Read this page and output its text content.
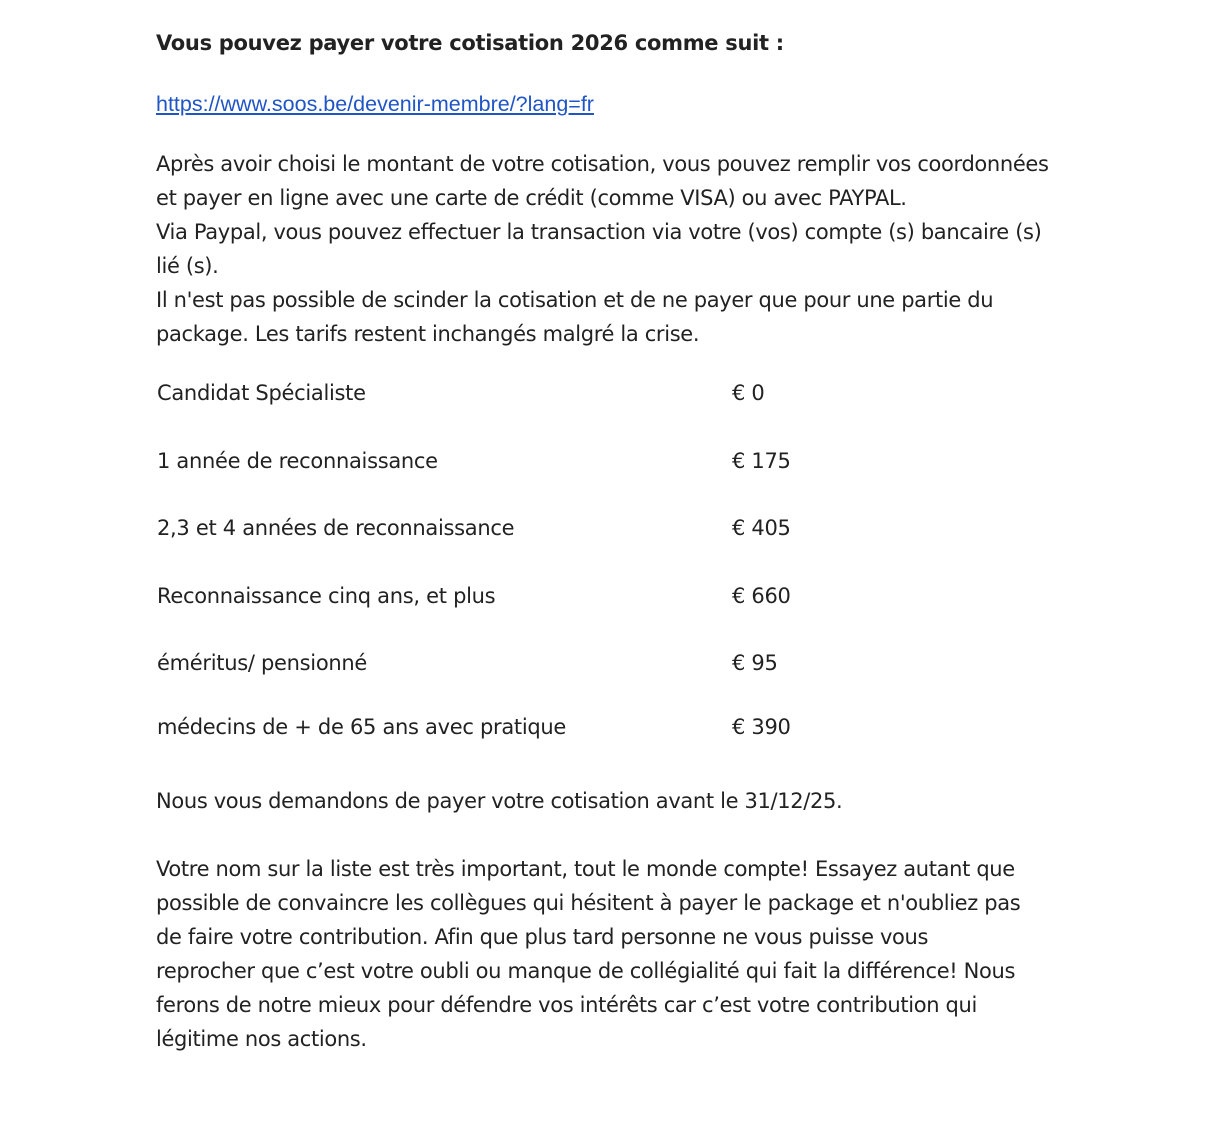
Vous pouvez payer votre cotisation 2026 comme suit :

https://www.soos.be/devenir-membre/?lang=fr
Après avoir choisi le montant de votre cotisation, vous pouvez remplir vos coordonnées
et payer en ligne avec une carte de crédit (comme VISA) ou avec PAYPAL.
Via Paypal, vous pouvez effectuer la transaction via votre (vos) compte (s) bancaire (s)
lié (s).
Il n'est pas possible de scinder la cotisation et de ne payer que pour une partie du
package. Les tarifs restent inchangés malgré la crise.
Candidat Spécialiste	€ 0
1 année de reconnaissance	€ 175
2,3 et 4 années de reconnaissance	€ 405
Reconnaissance cinq ans, et plus	€ 660
éméritus/ pensionné	€ 95
médecins de + de 65 ans avec pratique	€ 390

Nous vous demandons de payer votre cotisation avant le 31/12/25.

Votre nom sur la liste est très important, tout le monde compte! Essayez autant que
possible de convaincre les collègues qui hésitent à payer le package et n'oubliez pas
de faire votre contribution. Afin que plus tard personne ne vous puisse vous
reprocher que c’est votre oubli ou manque de collégialité qui fait la différence! Nous
ferons de notre mieux pour défendre vos intérêts car c’est votre contribution qui
légitime nos actions.
